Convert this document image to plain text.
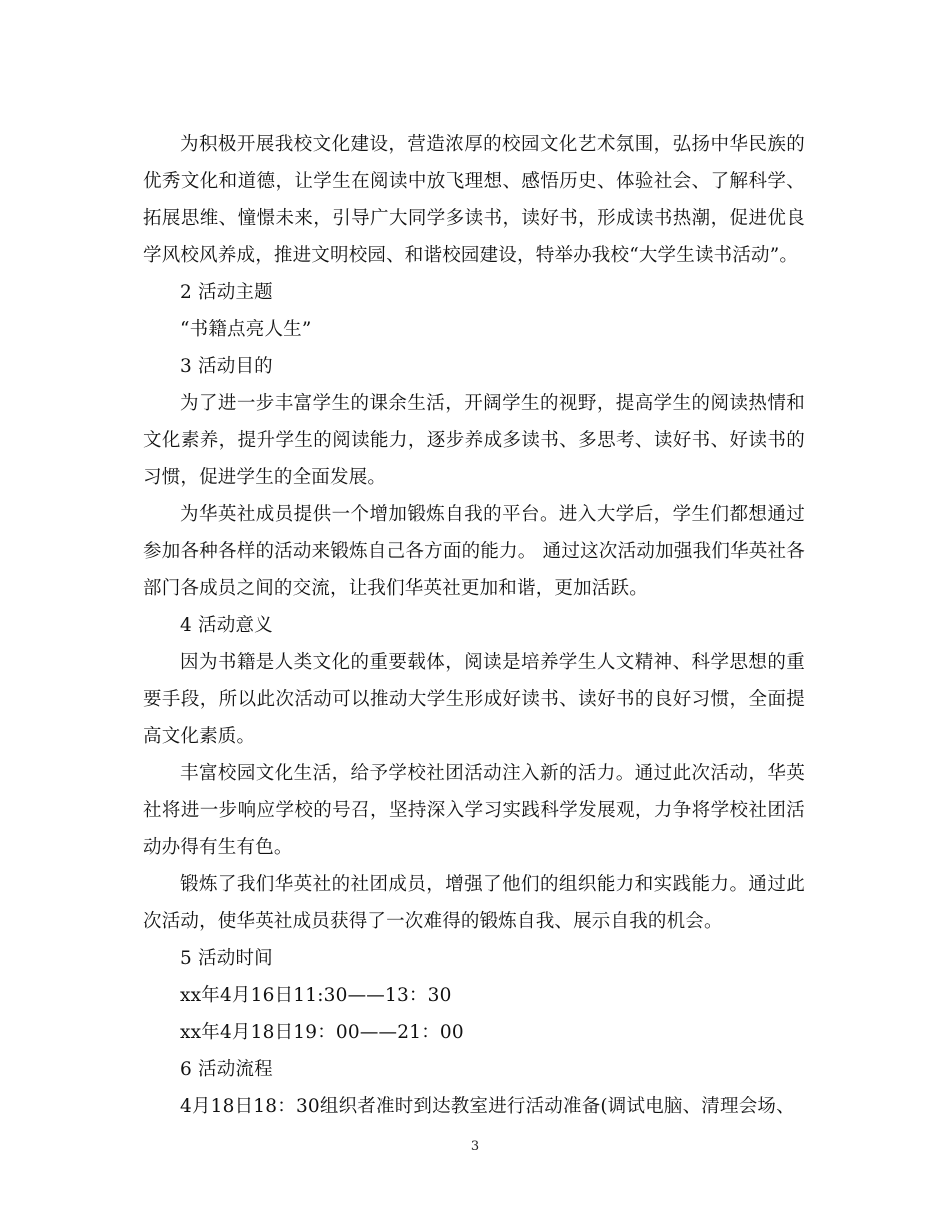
为积极开展我校文化建设，营造浓厚的校园文化艺术氛围，弘扬中华民族的优秀文化和道德，让学生在阅读中放飞理想、感悟历史、体验社会、了解科学、拓展思维、憧憬未来，引导广大同学多读书，读好书，形成读书热潮，促进优良学风校风养成，推进文明校园、和谐校园建设，特举办我校“大学生读书活动”。

2 活动主题

“书籍点亮人生”

3 活动目的

为了进一步丰富学生的课余生活，开阔学生的视野，提高学生的阅读热情和文化素养，提升学生的阅读能力，逐步养成多读书、多思考、读好书、好读书的习惯，促进学生的全面发展。

为华英社成员提供一个增加锻炼自我的平台。进入大学后，学生们都想通过参加各种各样的活动来锻炼自己各方面的能力。 通过这次活动加强我们华英社各部门各成员之间的交流，让我们华英社更加和谐，更加活跃。

4 活动意义

因为书籍是人类文化的重要载体，阅读是培养学生人文精神、科学思想的重要手段，所以此次活动可以推动大学生形成好读书、读好书的良好习惯，全面提高文化素质。

丰富校园文化生活，给予学校社团活动注入新的活力。通过此次活动，华英社将进一步响应学校的号召，坚持深入学习实践科学发展观，力争将学校社团活动办得有生有色。

锻炼了我们华英社的社团成员，增强了他们的组织能力和实践能力。通过此次活动，使华英社成员获得了一次难得的锻炼自我、展示自我的机会。

5 活动时间

xx年4月16日11:30——13：30

xx年4月18日19：00——21：00

6 活动流程

4月18日18：30组织者准时到达教室进行活动准备(调试电脑、清理会场、

3
